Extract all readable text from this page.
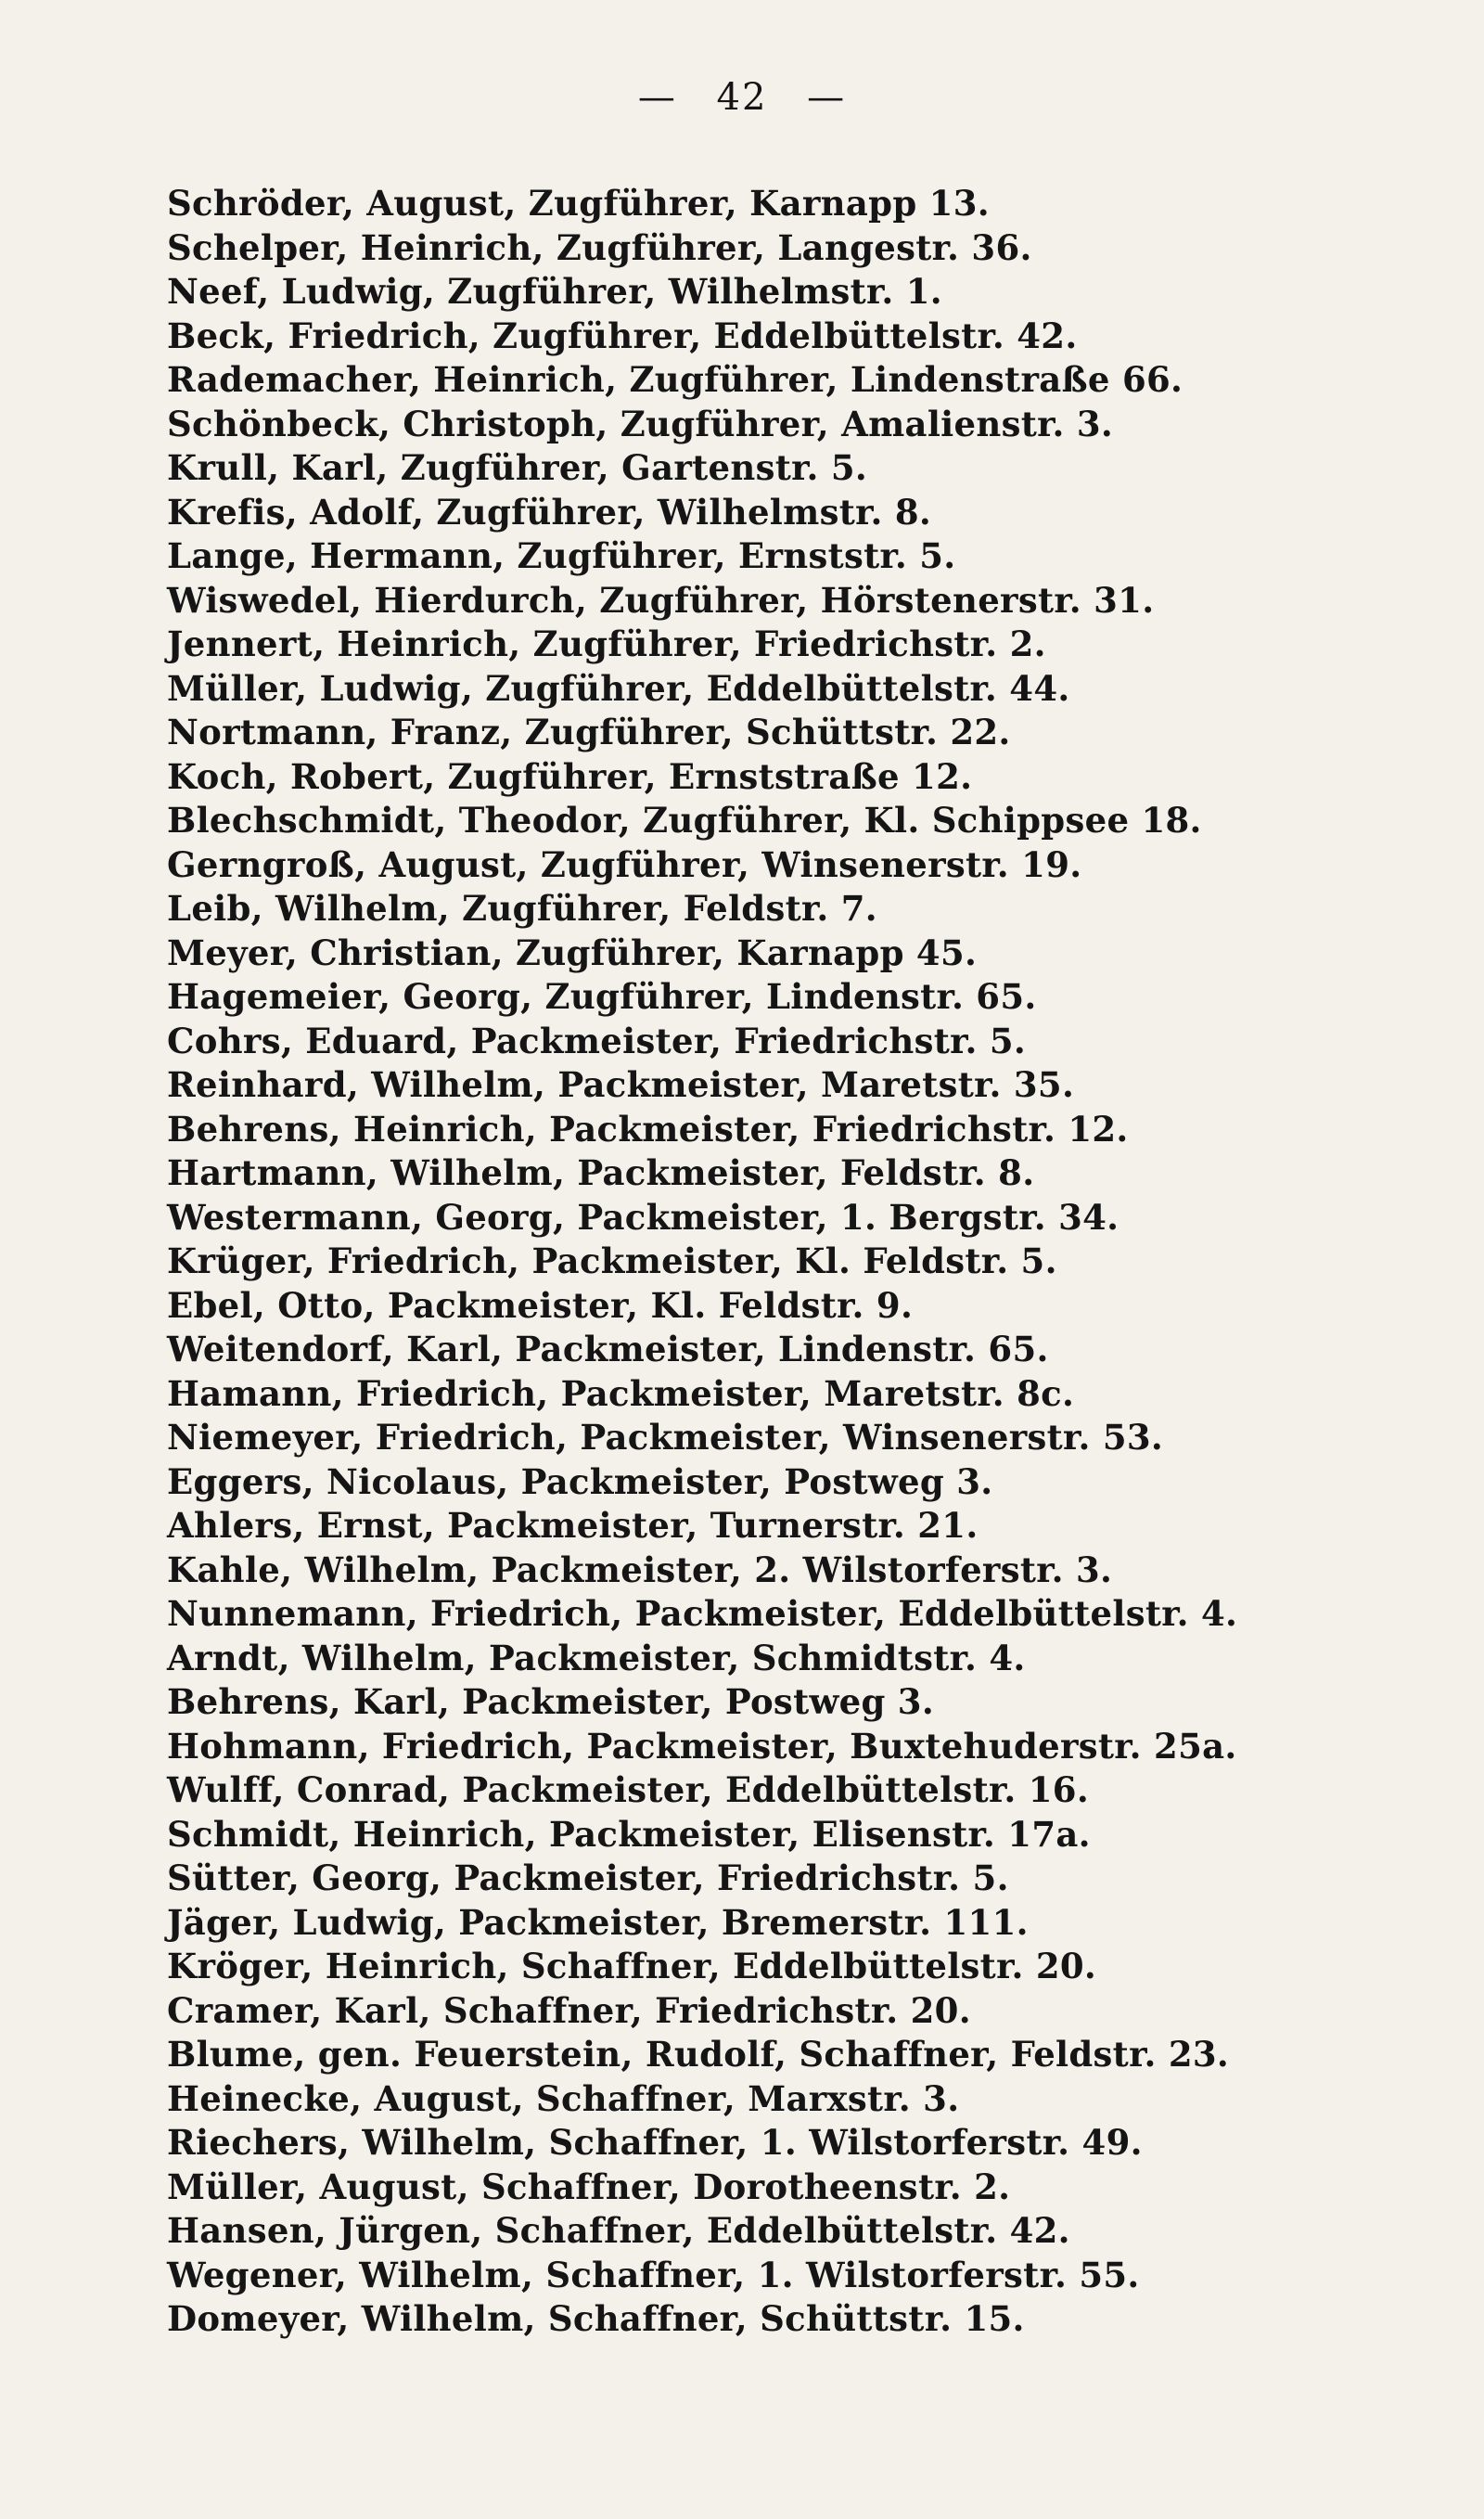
— 42 —
Schröder, August, Zugführer, Karnapp 13.
Schelper, Heinrich, Zugführer, Langestr. 36.
Neef, Ludwig, Zugführer, Wilhelmstr. 1.
Beck, Friedrich, Zugführer, Eddelbüttelstr. 42.
Rademacher, Heinrich, Zugführer, Lindenstraße 66.
Schönbeck, Christoph, Zugführer, Amalienstr. 3.
Krull, Karl, Zugführer, Gartenstr. 5.
Krefis, Adolf, Zugführer, Wilhelmstr. 8.
Lange, Hermann, Zugführer, Ernststr. 5.
Wiswedel, Hierdurch, Zugführer, Hörstenerstr. 31.
Jennert, Heinrich, Zugführer, Friedrichstr. 2.
Müller, Ludwig, Zugführer, Eddelbüttelstr. 44.
Nortmann, Franz, Zugführer, Schüttstr. 22.
Koch, Robert, Zugführer, Ernststraße 12.
Blechschmidt, Theodor, Zugführer, Kl. Schippsee 18.
Gerngroß, August, Zugführer, Winsenerstr. 19.
Leib, Wilhelm, Zugführer, Feldstr. 7.
Meyer, Christian, Zugführer, Karnapp 45.
Hagemeier, Georg, Zugführer, Lindenstr. 65.
Cohrs, Eduard, Packmeister, Friedrichstr. 5.
Reinhard, Wilhelm, Packmeister, Maretstr. 35.
Behrens, Heinrich, Packmeister, Friedrichstr. 12.
Hartmann, Wilhelm, Packmeister, Feldstr. 8.
Westermann, Georg, Packmeister, 1. Bergstr. 34.
Krüger, Friedrich, Packmeister, Kl. Feldstr. 5.
Ebel, Otto, Packmeister, Kl. Feldstr. 9.
Weitendorf, Karl, Packmeister, Lindenstr. 65.
Hamann, Friedrich, Packmeister, Maretstr. 8c.
Niemeyer, Friedrich, Packmeister, Winsenerstr. 53.
Eggers, Nicolaus, Packmeister, Postweg 3.
Ahlers, Ernst, Packmeister, Turnerstr. 21.
Kahle, Wilhelm, Packmeister, 2. Wilstorferstr. 3.
Nunnemann, Friedrich, Packmeister, Eddelbüttelstr. 4.
Arndt, Wilhelm, Packmeister, Schmidtstr. 4.
Behrens, Karl, Packmeister, Postweg 3.
Hohmann, Friedrich, Packmeister, Buxtehuderstr. 25a.
Wulff, Conrad, Packmeister, Eddelbüttelstr. 16.
Schmidt, Heinrich, Packmeister, Elisenstr. 17a.
Sütter, Georg, Packmeister, Friedrichstr. 5.
Jäger, Ludwig, Packmeister, Bremerstr. 111.
Kröger, Heinrich, Schaffner, Eddelbüttelstr. 20.
Cramer, Karl, Schaffner, Friedrichstr. 20.
Blume, gen. Feuerstein, Rudolf, Schaffner, Feldstr. 23.
Heinecke, August, Schaffner, Marxstr. 3.
Riechers, Wilhelm, Schaffner, 1. Wilstorferstr. 49.
Müller, August, Schaffner, Dorotheenstr. 2.
Hansen, Jürgen, Schaffner, Eddelbüttelstr. 42.
Wegener, Wilhelm, Schaffner, 1. Wilstorferstr. 55.
Domeyer, Wilhelm, Schaffner, Schüttstr. 15.
